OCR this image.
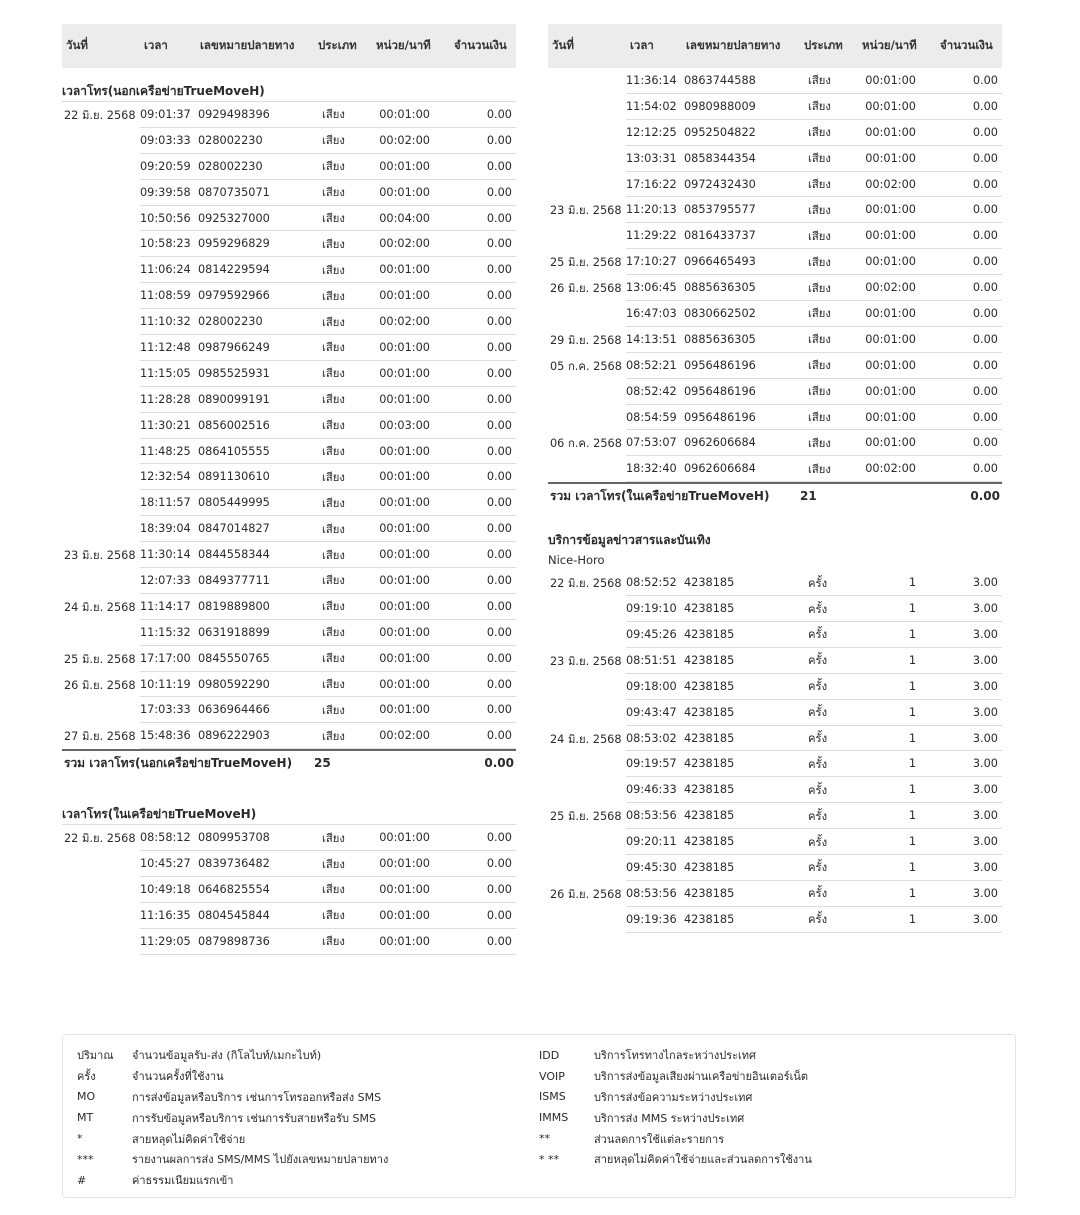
วันที่	เวลา	เลขหมายปลายทาง	ประเภท	หน่วย/นาที	จำนวนเงิน
เวลาโทร(นอกเครือข่ายTrueMoveH)
22 มิ.ย. 2568 09:01:37 0929498396	เสียง	00:01:00	0.00
09:03:33 028002230	เสียง	00:02:00	0.00
09:20:59 028002230	เสียง	00:01:00	0.00
09:39:58 0870735071	เสียง	00:01:00	0.00
10:50:56 0925327000	เสียง	00:04:00	0.00
10:58:23 0959296829	เสียง	00:02:00	0.00
11:06:24 0814229594	เสียง	00:01:00	0.00
11:08:59 0979592966	เสียง	00:01:00	0.00
11:10:32 028002230	เสียง	00:02:00	0.00
11:12:48 0987966249	เสียง	00:01:00	0.00
11:15:05 0985525931	เสียง	00:01:00	0.00
11:28:28 0890099191	เสียง	00:01:00	0.00
11:30:21 0856002516	เสียง	00:03:00	0.00
11:48:25 0864105555	เสียง	00:01:00	0.00
12:32:54 0891130610	เสียง	00:01:00	0.00
18:11:57 0805449995	เสียง	00:01:00	0.00
18:39:04 0847014827	เสียง	00:01:00	0.00
23 มิ.ย. 2568 11:30:14 0844558344	เสียง	00:01:00	0.00
12:07:33 0849377711	เสียง	00:01:00	0.00
24 มิ.ย. 2568 11:14:17 0819889800	เสียง	00:01:00	0.00
11:15:32 0631918899	เสียง	00:01:00	0.00
25 มิ.ย. 2568 17:17:00 0845550765	เสียง	00:01:00	0.00
26 มิ.ย. 2568 10:11:19 0980592290	เสียง	00:01:00	0.00
17:03:33 0636964466	เสียง	00:01:00	0.00
27 มิ.ย. 2568 15:48:36 0896222903	เสียง	00:02:00	0.00
รวม เวลาโทร(นอกเครือข่ายTrueMoveH)	25	0.00
เวลาโทร(ในเครือข่ายTrueMoveH)
22 มิ.ย. 2568 08:58:12 0809953708	เสียง	00:01:00	0.00
10:45:27 0839736482	เสียง	00:01:00	0.00
10:49:18 0646825554	เสียง	00:01:00	0.00
11:16:35 0804545844	เสียง	00:01:00	0.00
11:29:05 0879898736	เสียง	00:01:00	0.00
วันที่	เวลา	เลขหมายปลายทาง	ประเภท	หน่วย/นาที	จำนวนเงิน
11:36:14 0863744588	เสียง	00:01:00	0.00
11:54:02 0980988009	เสียง	00:01:00	0.00
12:12:25 0952504822	เสียง	00:01:00	0.00
13:03:31 0858344354	เสียง	00:01:00	0.00
17:16:22 0972432430	เสียง	00:02:00	0.00
23 มิ.ย. 2568 11:20:13 0853795577	เสียง	00:01:00	0.00
11:29:22 0816433737	เสียง	00:01:00	0.00
25 มิ.ย. 2568 17:10:27 0966465493	เสียง	00:01:00	0.00
26 มิ.ย. 2568 13:06:45 0885636305	เสียง	00:02:00	0.00
16:47:03 0830662502	เสียง	00:01:00	0.00
29 มิ.ย. 2568 14:13:51 0885636305	เสียง	00:01:00	0.00
05 ก.ค. 2568 08:52:21 0956486196	เสียง	00:01:00	0.00
08:52:42 0956486196	เสียง	00:01:00	0.00
08:54:59 0956486196	เสียง	00:01:00	0.00
06 ก.ค. 2568 07:53:07 0962606684	เสียง	00:01:00	0.00
18:32:40 0962606684	เสียง	00:02:00	0.00
รวม เวลาโทร(ในเครือข่ายTrueMoveH)	21	0.00
บริการข้อมูลข่าวสารและบันเทิง
Nice-Horo
22 มิ.ย. 2568 08:52:52 4238185	ครั้ง	1	3.00
09:19:10 4238185	ครั้ง	1	3.00
09:45:26 4238185	ครั้ง	1	3.00
23 มิ.ย. 2568 08:51:51 4238185	ครั้ง	1	3.00
09:18:00 4238185	ครั้ง	1	3.00
09:43:47 4238185	ครั้ง	1	3.00
24 มิ.ย. 2568 08:53:02 4238185	ครั้ง	1	3.00
09:19:57 4238185	ครั้ง	1	3.00
09:46:33 4238185	ครั้ง	1	3.00
25 มิ.ย. 2568 08:53:56 4238185	ครั้ง	1	3.00
09:20:11 4238185	ครั้ง	1	3.00
09:45:30 4238185	ครั้ง	1	3.00
26 มิ.ย. 2568 08:53:56 4238185	ครั้ง	1	3.00
09:19:36 4238185	ครั้ง	1	3.00
ปริมาณ	จำนวนข้อมูลรับ-ส่ง (กิโลไบท์/เมกะไบท์)
ครั้ง	จำนวนครั้งที่ใช้งาน
MO	การส่งข้อมูลหรือบริการ เช่นการโทรออกหรือส่ง SMS
MT	การรับข้อมูลหรือบริการ เช่นการรับสายหรือรับ SMS
*	สายหลุดไม่คิดค่าใช้จ่าย
***	รายงานผลการส่ง SMS/MMS ไปยังเลขหมายปลายทาง
#	ค่าธรรมเนียมแรกเข้า
IDD	บริการโทรทางไกลระหว่างประเทศ
VOIP	บริการส่งข้อมูลเสียงผ่านเครือข่ายอินเตอร์เน็ต
ISMS	บริการส่งข้อความระหว่างประเทศ
IMMS	บริการส่ง MMS ระหว่างประเทศ
**	ส่วนลดการใช้แต่ละรายการ
* **	สายหลุดไม่คิดค่าใช้จ่ายและส่วนลดการใช้งาน
